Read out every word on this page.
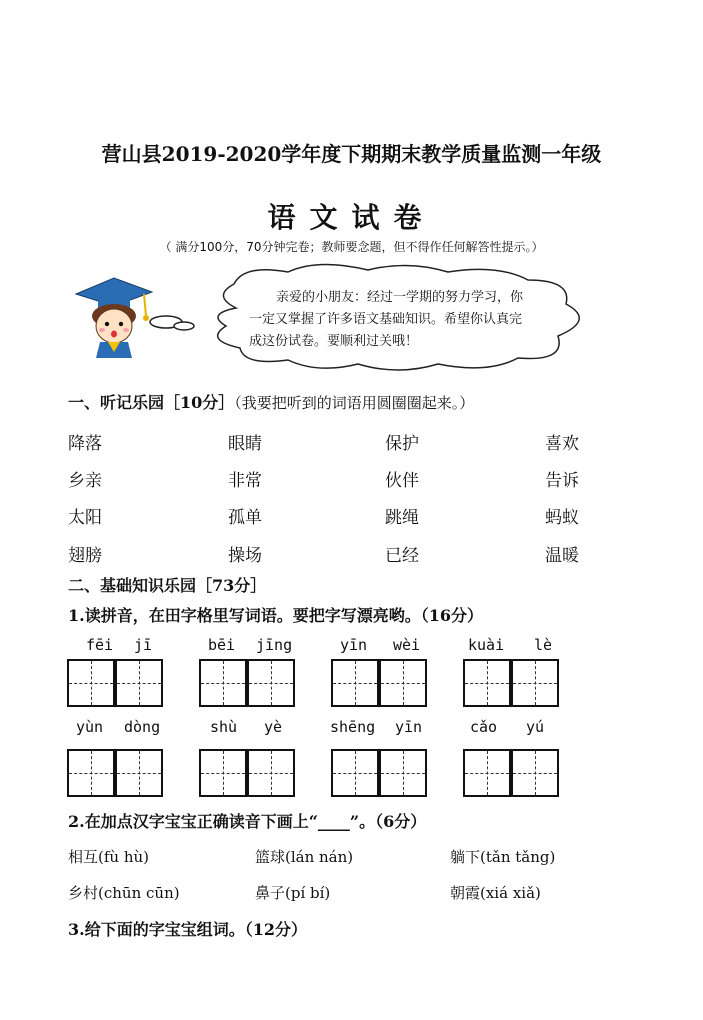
营山县2019-2020学年度下期期末教学质量监测一年级
语文试卷
（ 满分100分，70分钟完卷；教师要念题，但不得作任何解答性提示。）
亲爱的小朋友：经过一学期的努力学习，你
一定又掌握了许多语文基础知识。希望你认真完
成这份试卷。要顺利过关哦！
一、听记乐园［10分］（我要把听到的词语用圆圈圈起来。）
降落	眼睛	保护	喜欢
乡亲	非常	伙伴	告诉
太阳	孤单	跳绳	蚂蚁
翅膀	操场	已经	温暖
二、基础知识乐园［73分］
1.读拼音，在田字格里写词语。要把字写漂亮哟。（16分）
fēi jī	bēi jīng	yīn wèi	kuài lè
yùn dòng	shù yè	shēng yīn	cǎo yú
2.在加点汉字宝宝正确读音下画上“____”。（6分）
相互(fù hù)	篮球(lán nán)	躺下(tǎn tǎng)
乡村(chūn cūn)	鼻子(pí bí)	朝霞(xiá xiǎ)
3.给下面的字宝宝组词。（12分）
